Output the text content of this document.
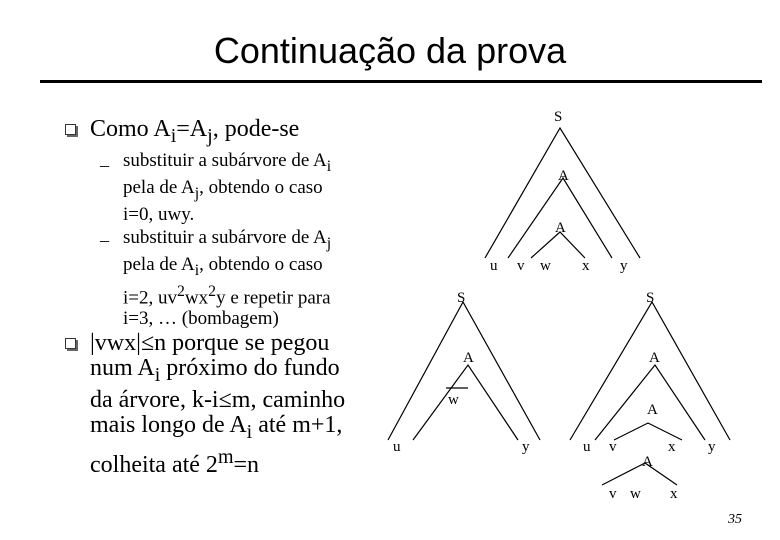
Continuação da prova
Como $A_i=A_j$, pode-se
– substituir a subárvore de $A_i$
pela de $A_j$, obtendo o caso
i=0, uwy.
– substituir a subárvore de $A_j$
pela de $A_i$, obtendo o caso
i=2, $uv^2wx^2y$ e repetir para
i=3, … (bombagem)
|vwx|≤n porque se pegou
num $A_i$ próximo do fundo
da árvore, k-i≤m, caminho
mais longo de $A_i$ até m+1,
colheita até $2^m=n$
S
A
A
u v w x y
S
A
u
w
y
S
A
A
A
u v	x y
v w x
35
